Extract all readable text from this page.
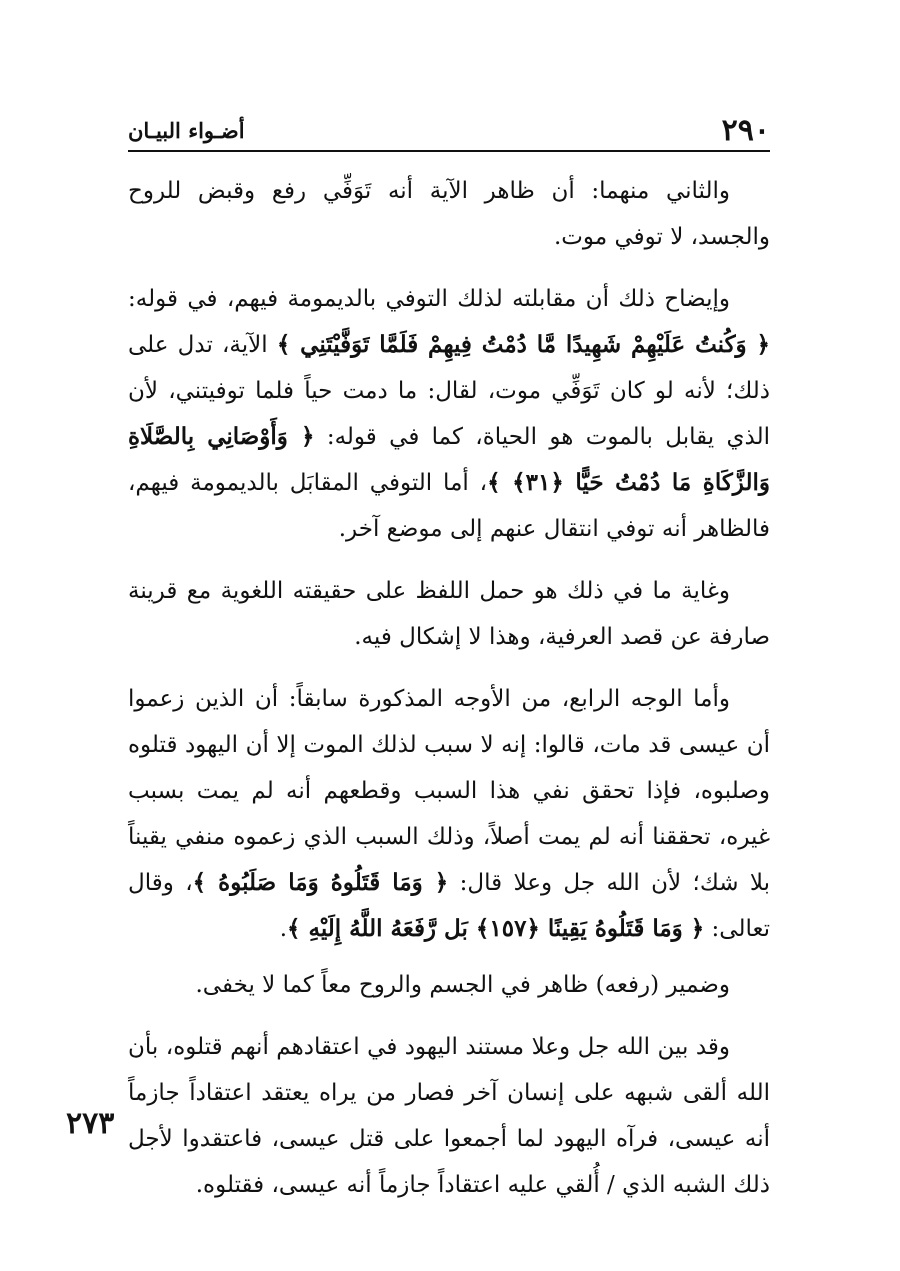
٢٩٠
أضـواء البيـان

والثاني منهما: أن ظاهر الآية أنه تَوَفِّي رفع وقبض للروح والجسد، لا توفي موت.

وإيضاح ذلك أن مقابلته لذلك التوفي بالديمومة فيهم، في قوله: ﴿ وَكُنتُ عَلَيْهِمْ شَهِيدًا مَّا دُمْتُ فِيهِمْ فَلَمَّا تَوَفَّيْتَنِي ﴾ الآية، تدل على ذلك؛ لأنه لو كان تَوَفِّي موت، لقال: ما دمت حياً فلما توفيتني، لأن الذي يقابل بالموت هو الحياة، كما في قوله: ﴿ وَأَوْصَانِي بِالصَّلَاةِ وَالزَّكَاةِ مَا دُمْتُ حَيًّا ﴿٣١﴾ ﴾، أما التوفي المقابَل بالديمومة فيهم، فالظاهر أنه توفي انتقال عنهم إلى موضع آخر.

وغاية ما في ذلك هو حمل اللفظ على حقيقته اللغوية مع قرينة صارفة عن قصد العرفية، وهذا لا إشكال فيه.

وأما الوجه الرابع، من الأوجه المذكورة سابقاً: أن الذين زعموا أن عيسى قد مات، قالوا: إنه لا سبب لذلك الموت إلا أن اليهود قتلوه وصلبوه، فإذا تحقق نفي هذا السبب وقطعهم أنه لم يمت بسبب غيره، تحققنا أنه لم يمت أصلاً، وذلك السبب الذي زعموه منفي يقيناً بلا شك؛ لأن الله جل وعلا قال: ﴿ وَمَا قَتَلُوهُ وَمَا صَلَبُوهُ ﴾، وقال تعالى: ﴿ وَمَا قَتَلُوهُ يَقِينًا ﴿١٥٧﴾ بَل رَّفَعَهُ اللَّهُ إِلَيْهِ ﴾.

وضمير (رفعه) ظاهر في الجسم والروح معاً كما لا يخفى.

وقد بين الله جل وعلا مستند اليهود في اعتقادهم أنهم قتلوه، بأن الله ألقى شبهه على إنسان آخر فصار من يراه يعتقد اعتقاداً جازماً أنه عيسى، فرآه اليهود لما أجمعوا على قتل عيسى، فاعتقدوا لأجل ذلك الشبه الذي / أُلقي عليه اعتقاداً جازماً أنه عيسى، فقتلوه.

٢٧٣
